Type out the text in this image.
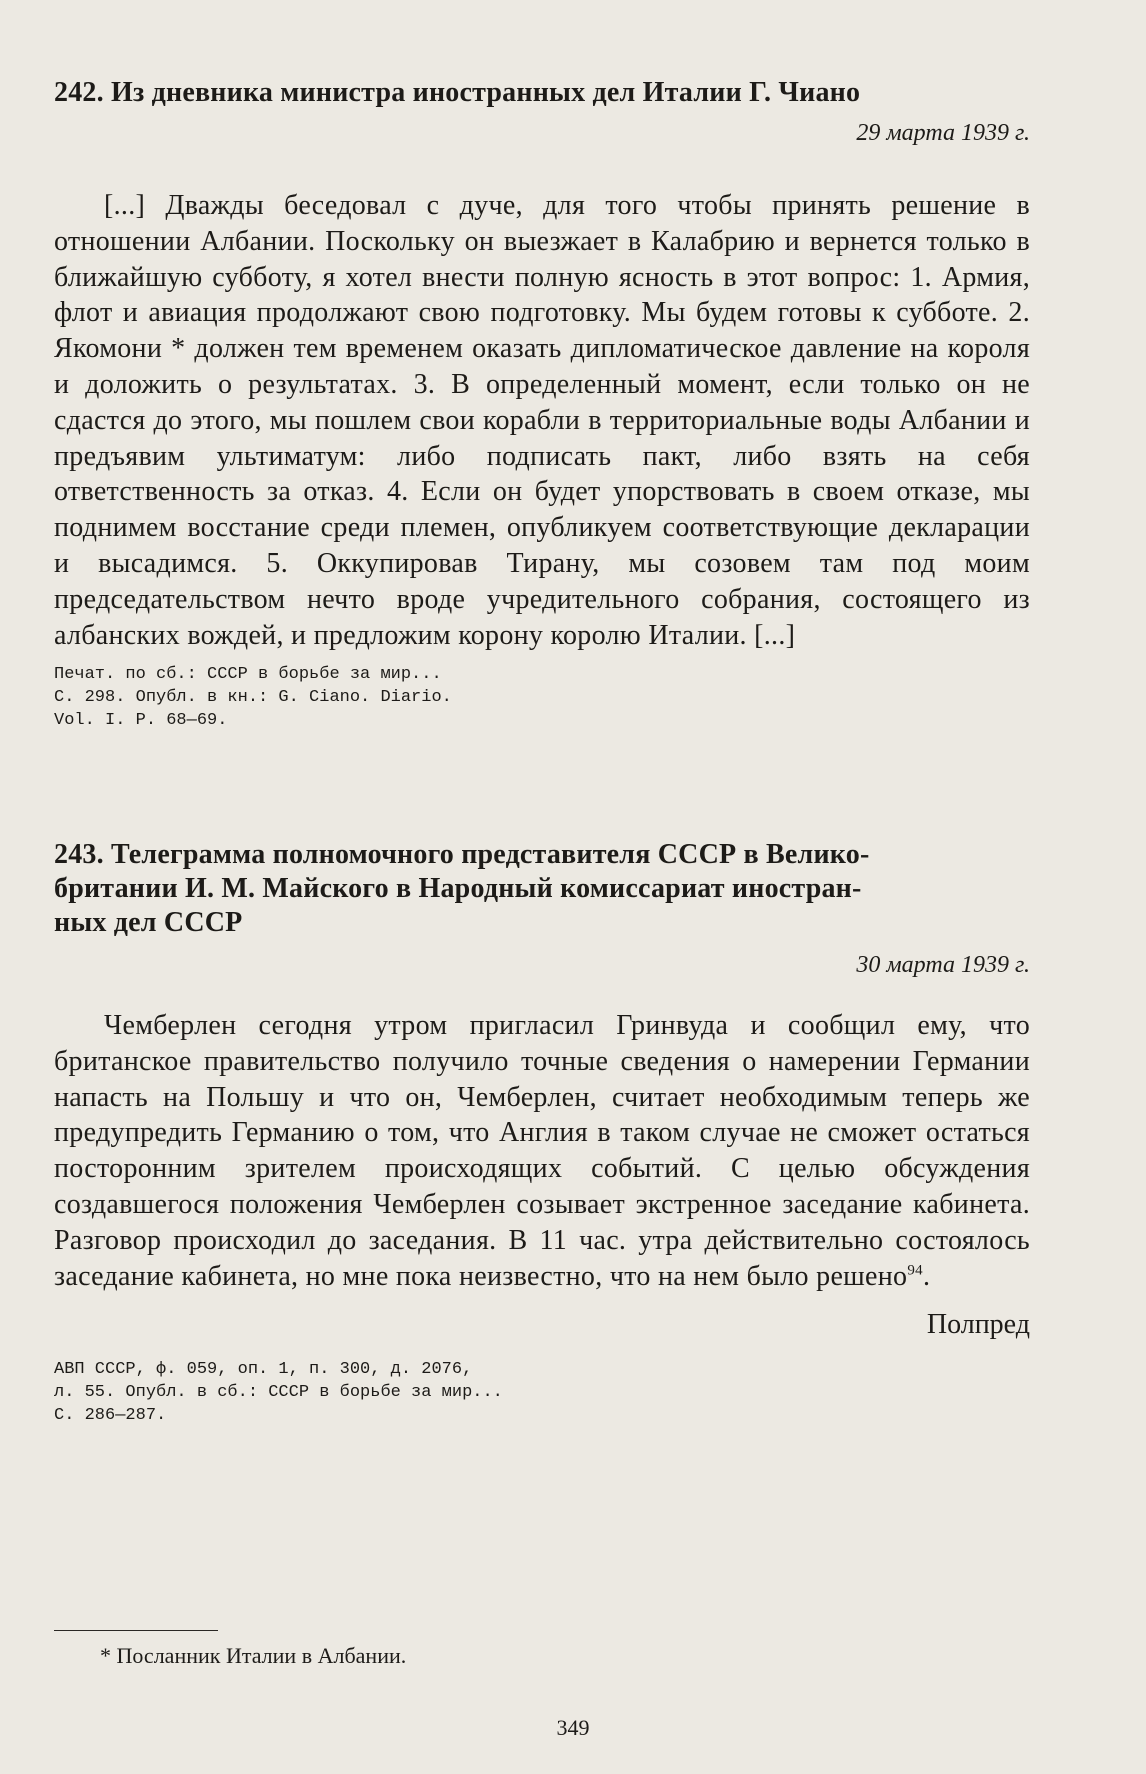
242. Из дневника министра иностранных дел Италии Г. Чиано

29 марта 1939 г.

[...] Дважды беседовал с дуче, для того чтобы принять решение в отношении Албании. Поскольку он выезжает в Калабрию и вернется только в ближайшую субботу, я хотел внести полную ясность в этот вопрос: 1. Армия, флот и авиация продолжают свою подготовку. Мы будем готовы к субботе. 2. Якомони * должен тем временем оказать дипломатическое давление на короля и доложить о результатах. 3. В определенный момент, если только он не сдастся до этого, мы пошлем свои корабли в территориальные воды Албании и предъявим ультиматум: либо подписать пакт, либо взять на себя ответственность за отказ. 4. Если он будет упорствовать в своем отказе, мы поднимем восстание среди племен, опубликуем соответствующие декларации и высадимся. 5. Оккупировав Тирану, мы созовем там под моим председательством нечто вроде учредительного собрания, состоящего из албанских вождей, и предложим корону королю Италии. [...]

Печат. по сб.: СССР в борьбе за мир...

С. 298. Опубл. в кн.: G. Ciano. Diario.

Vol. I. P. 68—69.

243. Телеграмма полномочного представителя СССР в Велико-

британии И. М. Майского в Народный комиссариат иностран-

ных дел СССР

30 марта 1939 г.

Чемберлен сегодня утром пригласил Гринвуда и сообщил ему, что британское правительство получило точные сведения о намерении Германии напасть на Польшу и что он, Чемберлен, считает необходимым теперь же предупредить Германию о том, что Англия в таком случае не сможет остаться посторонним зрителем происходящих событий. С целью обсуждения создавшегося положения Чемберлен созывает экстренное заседание кабинета. Разговор происходил до заседания. В 11 час. утра действительно состоялось заседание кабинета, но мне пока неизвестно, что на нем было решено$^{94}$.

Полпред

АВП СССР, ф. 059, оп. 1, п. 300, д. 2076,

л. 55. Опубл. в сб.: СССР в борьбе за мир...

С. 286—287.

* Посланник Италии в Албании.

349
